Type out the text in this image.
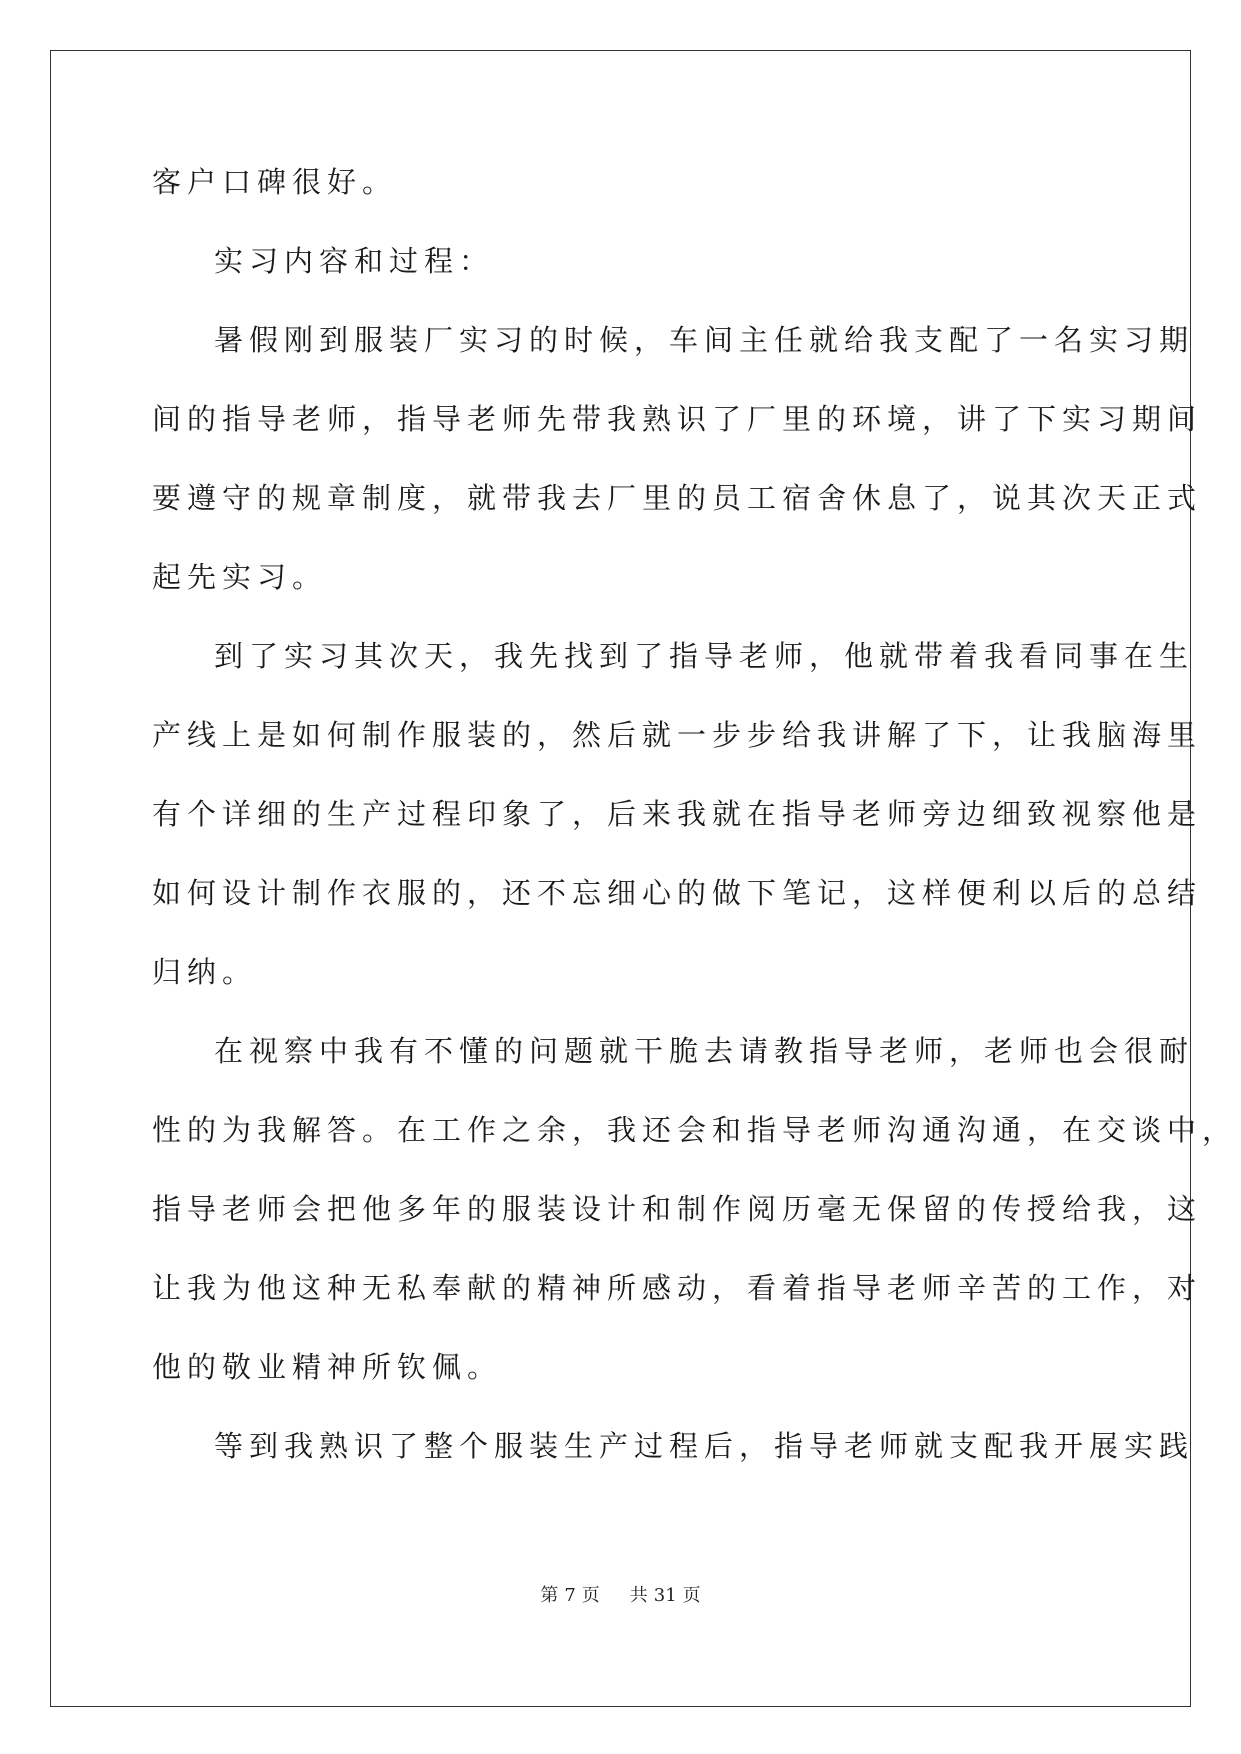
客户口碑很好。
实习内容和过程：
暑假刚到服装厂实习的时候，车间主任就给我支配了一名实习期
间的指导老师，指导老师先带我熟识了厂里的环境，讲了下实习期间
要遵守的规章制度，就带我去厂里的员工宿舍休息了，说其次天正式
起先实习。
到了实习其次天，我先找到了指导老师，他就带着我看同事在生
产线上是如何制作服装的，然后就一步步给我讲解了下，让我脑海里
有个详细的生产过程印象了，后来我就在指导老师旁边细致视察他是
如何设计制作衣服的，还不忘细心的做下笔记，这样便利以后的总结
归纳。
在视察中我有不懂的问题就干脆去请教指导老师，老师也会很耐
性的为我解答。在工作之余，我还会和指导老师沟通沟通，在交谈中，
指导老师会把他多年的服装设计和制作阅历毫无保留的传授给我，这
让我为他这种无私奉献的精神所感动，看着指导老师辛苦的工作，对
他的敬业精神所钦佩。
等到我熟识了整个服装生产过程后，指导老师就支配我开展实践
第 7 页 共 31 页
